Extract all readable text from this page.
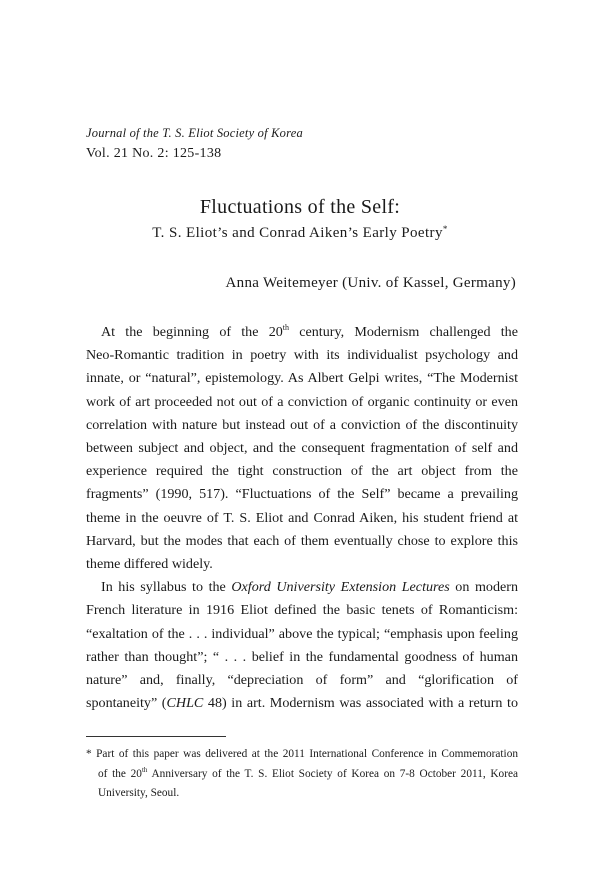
Journal of the T. S. Eliot Society of Korea
Vol. 21 No. 2: 125-138
Fluctuations of the Self:
T. S. Eliot’s and Conrad Aiken’s Early Poetry*
Anna Weitemeyer (Univ. of Kassel, Germany)

At the beginning of the 20th century, Modernism challenged the
Neo-Romantic tradition in poetry with its individualist psychology and
innate, or “natural”, epistemology. As Albert Gelpi writes, “The Modernist
work of art proceeded not out of a conviction of organic continuity or even
correlation with nature but instead out of a conviction of the discontinuity
between subject and object, and the consequent fragmentation of self and
experience required the tight construction of the art object from the
fragments” (1990, 517). “Fluctuations of the Self” became a prevailing
theme in the oeuvre of T. S. Eliot and Conrad Aiken, his student friend at
Harvard, but the modes that each of them eventually chose to explore this
theme differed widely.

In his syllabus to the Oxford University Extension Lectures on modern
French literature in 1916 Eliot defined the basic tenets of Romanticism:
“exaltation of the . . . individual” above the typical; “emphasis upon feeling
rather than thought”; “ . . . belief in the fundamental goodness of human
nature” and, finally, “depreciation of form” and “glorification of
spontaneity” (CHLC 48) in art. Modernism was associated with a return to

* Part of this paper was delivered at the 2011 International Conference in Commemoration
of the 20th Anniversary of the T. S. Eliot Society of Korea on 7-8 October 2011, Korea
University, Seoul.
